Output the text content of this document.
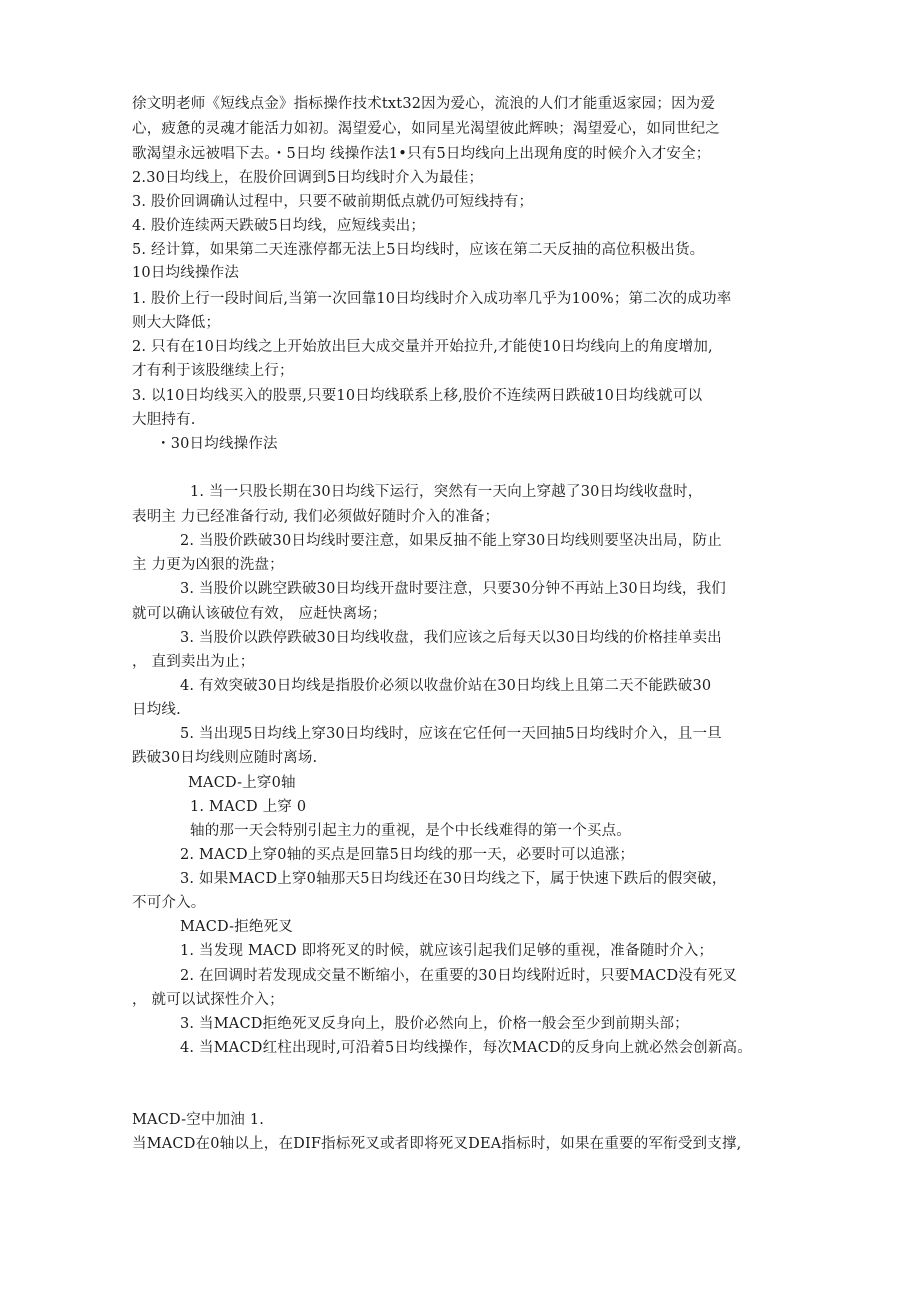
徐文明老师《短线点金》指标操作技术txt32因为爱心，流浪的人们才能重返家园；因为爱
心，疲惫的灵魂才能活力如初。渴望爱心，如同星光渴望彼此辉映；渴望爱心，如同世纪之
歌渴望永远被唱下去。・5日均 线操作法1•只有5日均线向上出现角度的时候介入才安全；
2.30日均线上，在股价回调到5日均线时介入为最佳；
3. 股价回调确认过程中，只要不破前期低点就仍可短线持有；
4. 股价连续两天跌破5日均线，应短线卖出；
5. 经计算，如果第二天连涨停都无法上5日均线时，应该在第二天反抽的高位积极出货。
10日均线操作法
1. 股价上行一段时间后,当第一次回靠10日均线时介入成功率几乎为100%；第二次的成功率
则大大降低；
2. 只有在10日均线之上开始放出巨大成交量并开始拉升,才能使10日均线向上的角度增加,
才有利于该股继续上行；
3. 以10日均线买入的股票,只要10日均线联系上移,股价不连续两日跌破10日均线就可以
大胆持有.
・30日均线操作法
1. 当一只股长期在30日均线下运行，突然有一天向上穿越了30日均线收盘时，
表明主 力已经准备行动, 我们必须做好随时介入的准备；
2. 当股价跌破30日均线时要注意，如果反抽不能上穿30日均线则要坚决出局，防止
主 力更为凶狠的洗盘；
3. 当股价以跳空跌破30日均线开盘时要注意，只要30分钟不再站上30日均线，我们
就可以确认该破位有效， 应赶快离场；
3. 当股价以跌停跌破30日均线收盘，我们应该之后每天以30日均线的价格挂单卖出
， 直到卖出为止；
4. 有效突破30日均线是指股价必须以收盘价站在30日均线上且第二天不能跌破30
日均线.
5. 当出现5日均线上穿30日均线时，应该在它任何一天回抽5日均线时介入，且一旦
跌破30日均线则应随时离场.
MACD-上穿0轴
1. MACD 上穿 0
轴的那一天会特别引起主力的重视，是个中长线难得的第一个买点。
2. MACD上穿0轴的买点是回靠5日均线的那一天，必要时可以追涨；
3. 如果MACD上穿0轴那天5日均线还在30日均线之下，属于快速下跌后的假突破，
不可介入。
MACD-拒绝死叉
1. 当发现 MACD 即将死叉的时候，就应该引起我们足够的重视，准备随时介入；
2. 在回调时若发现成交量不断缩小，在重要的30日均线附近时，只要MACD没有死叉
， 就可以试探性介入；
3. 当MACD拒绝死叉反身向上，股价必然向上，价格一般会至少到前期头部；
4. 当MACD红柱出现时,可沿着5日均线操作，每次MACD的反身向上就必然会创新高。
MACD-空中加油 1.
当MACD在0轴以上，在DIF指标死叉或者即将死叉DEA指标时，如果在重要的军衔受到支撑,
